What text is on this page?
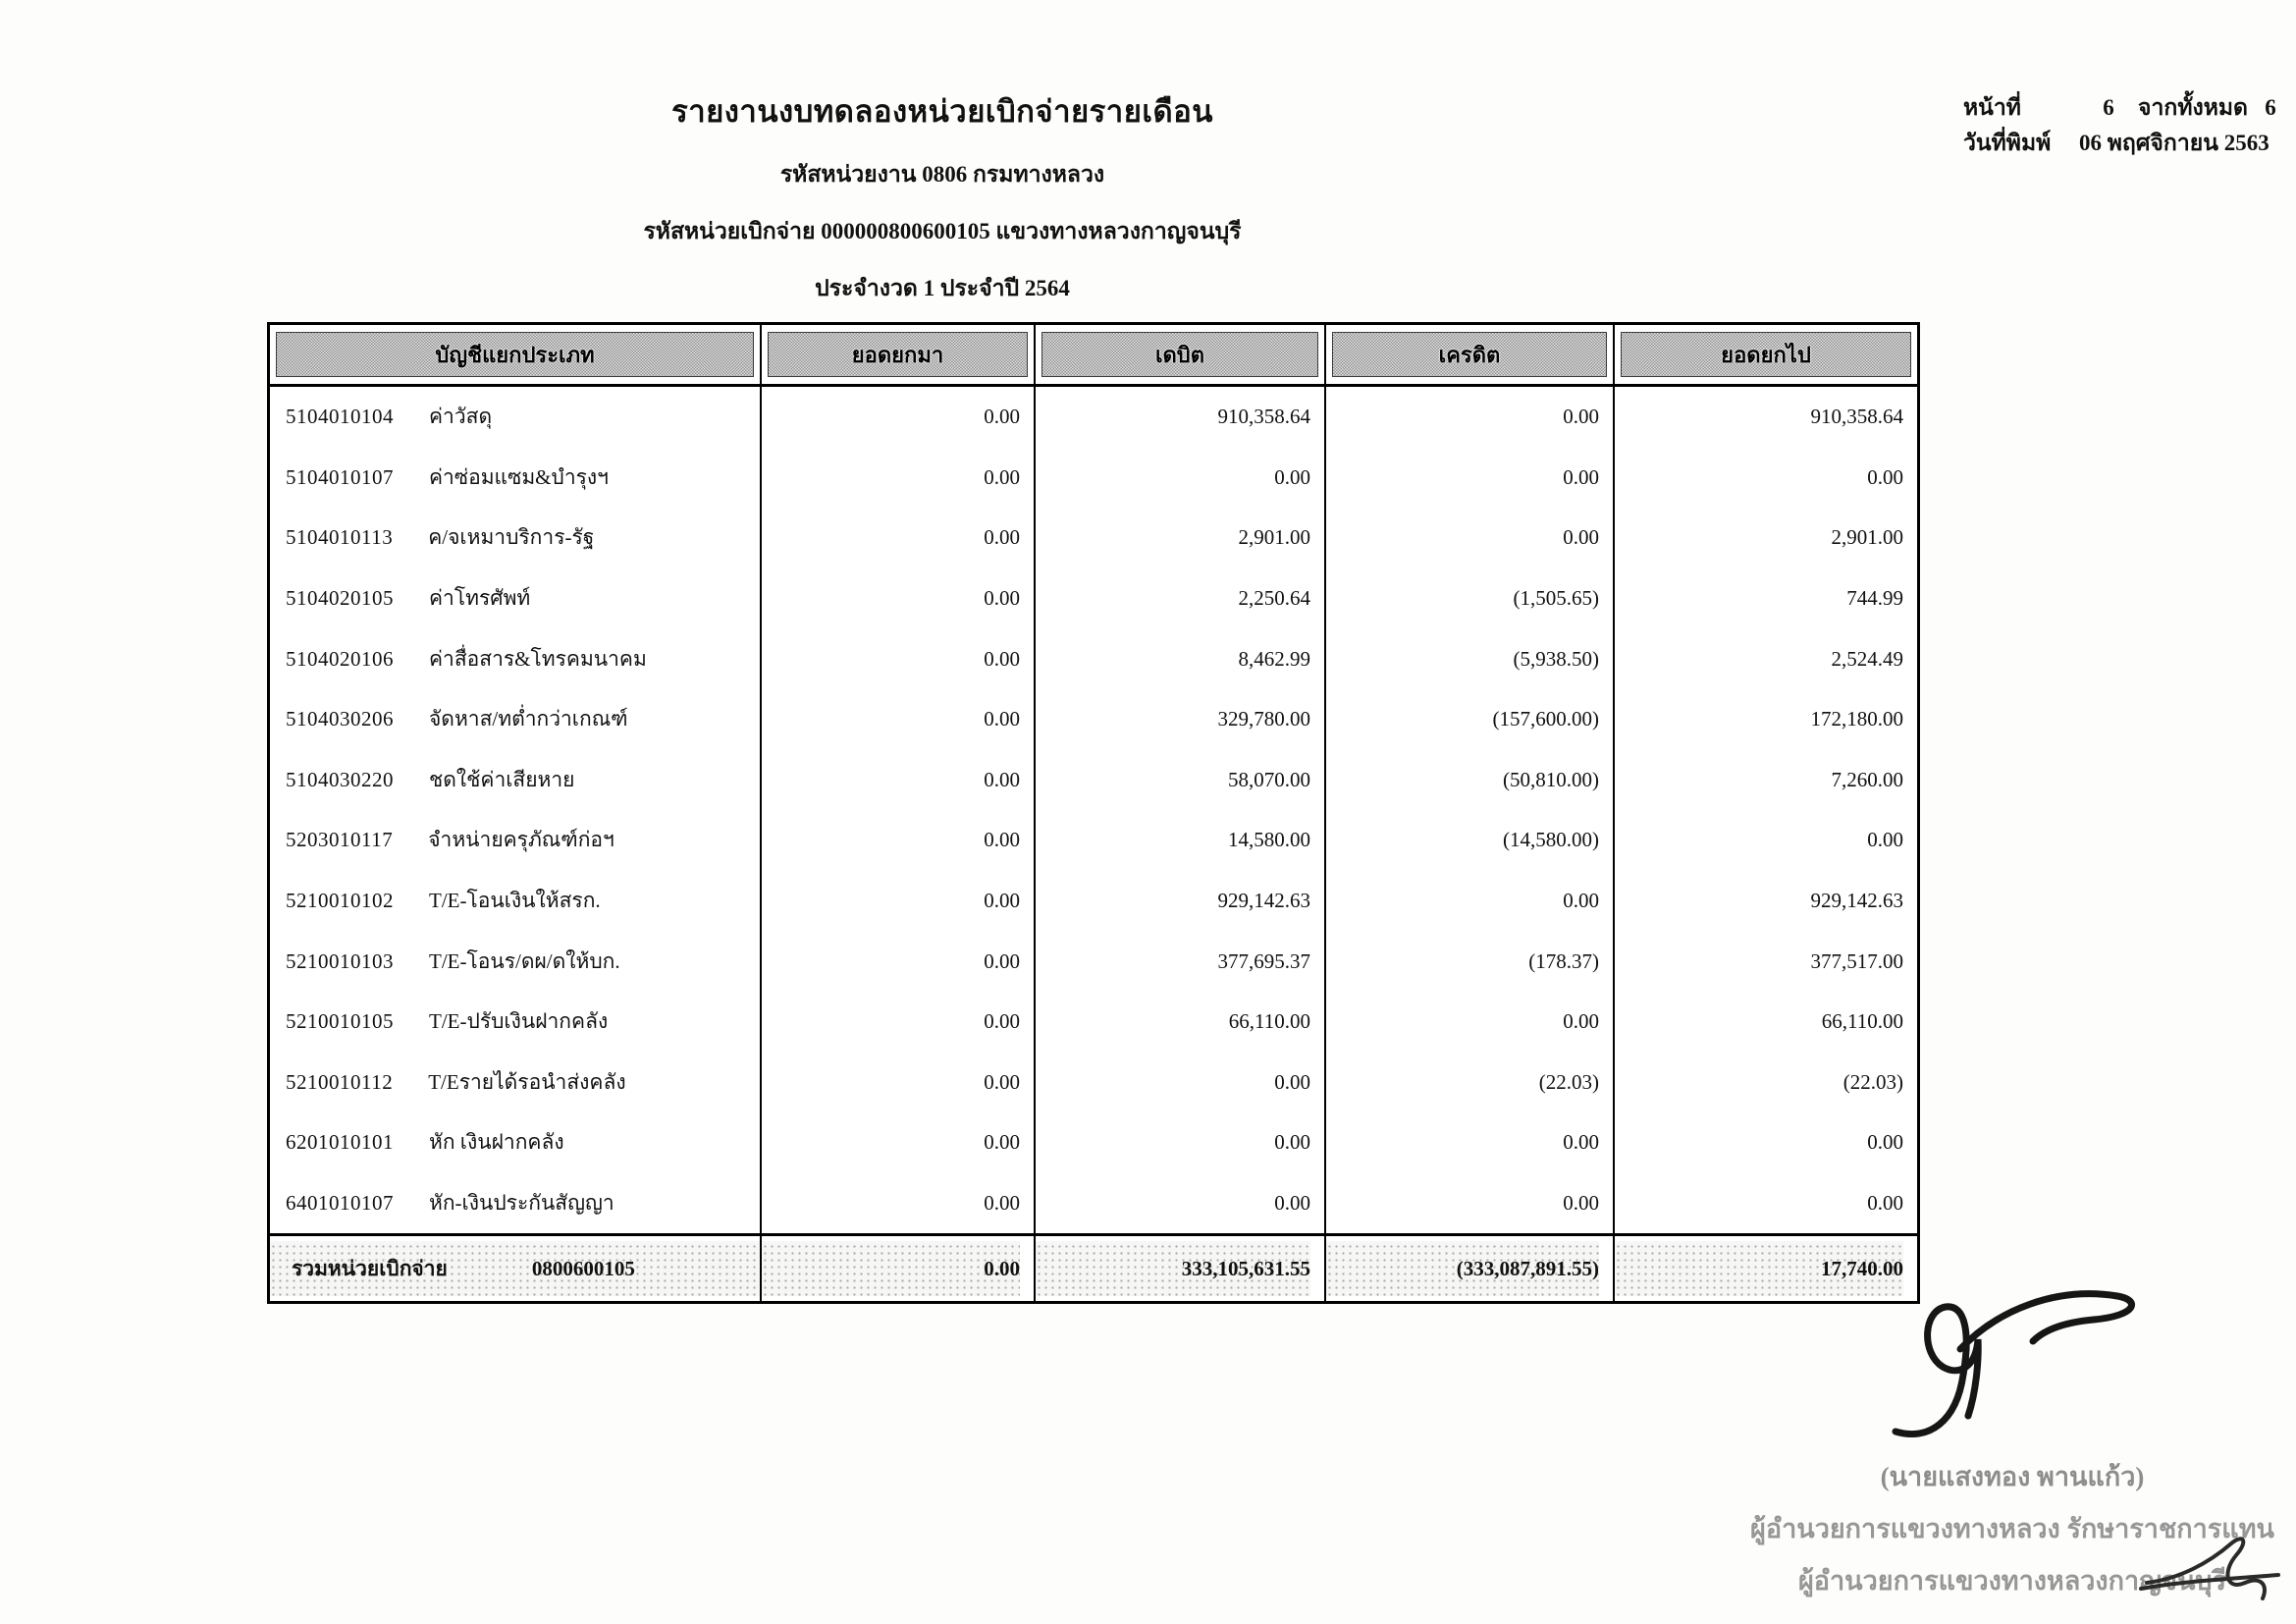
รายงานงบทดลองหน่วยเบิกจ่ายรายเดือน
รหัสหน่วยงาน 0806 กรมทางหลวง
รหัสหน่วยเบิกจ่าย 000000800600105 แขวงทางหลวงกาญจนบุรี
ประจำงวด 1 ประจำปี 2564
หน้าที่	6	จากทั้งหมด 6
วันที่พิมพ์	06 พฤศจิกายน 2563
บัญชีแยกประเภท	ยอดยกมา	เดบิต	เครดิต	ยอดยกไป
5104010104 ค่าวัสดุ	0.00	910,358.64	0.00	910,358.64
5104010107 ค่าซ่อมแซม&บำรุงฯ	0.00	0.00	0.00	0.00
5104010113 ค/จเหมาบริการ-รัฐ	0.00	2,901.00	0.00	2,901.00
5104020105 ค่าโทรศัพท์	0.00	2,250.64	(1,505.65)	744.99
5104020106 ค่าสื่อสาร&โทรคมนาคม	0.00	8,462.99	(5,938.50)	2,524.49
5104030206 จัดหาส/ทต่ำกว่าเกณฑ์	0.00	329,780.00	(157,600.00)	172,180.00
5104030220 ชดใช้ค่าเสียหาย	0.00	58,070.00	(50,810.00)	7,260.00
5203010117 จำหน่ายครุภัณฑ์ก่อฯ	0.00	14,580.00	(14,580.00)	0.00
5210010102 T/E-โอนเงินให้สรก.	0.00	929,142.63	0.00	929,142.63
5210010103 T/E-โอนร/ดผ/ดให้บก.	0.00	377,695.37	(178.37)	377,517.00
5210010105 T/E-ปรับเงินฝากคลัง	0.00	66,110.00	0.00	66,110.00
5210010112 T/Eรายได้รอนำส่งคลัง	0.00	0.00	(22.03)	(22.03)
6201010101 หัก เงินฝากคลัง	0.00	0.00	0.00	0.00
6401010107 หัก-เงินประกันสัญญา	0.00	0.00	0.00	0.00
รวมหน่วยเบิกจ่าย	0800600105	0.00	333,105,631.55	(333,087,891.55)	17,740.00
(นายแสงทอง พานแก้ว)
ผู้อำนวยการแขวงทางหลวง รักษาราชการแทน
ผู้อำนวยการแขวงทางหลวงกาญจนบุรี
